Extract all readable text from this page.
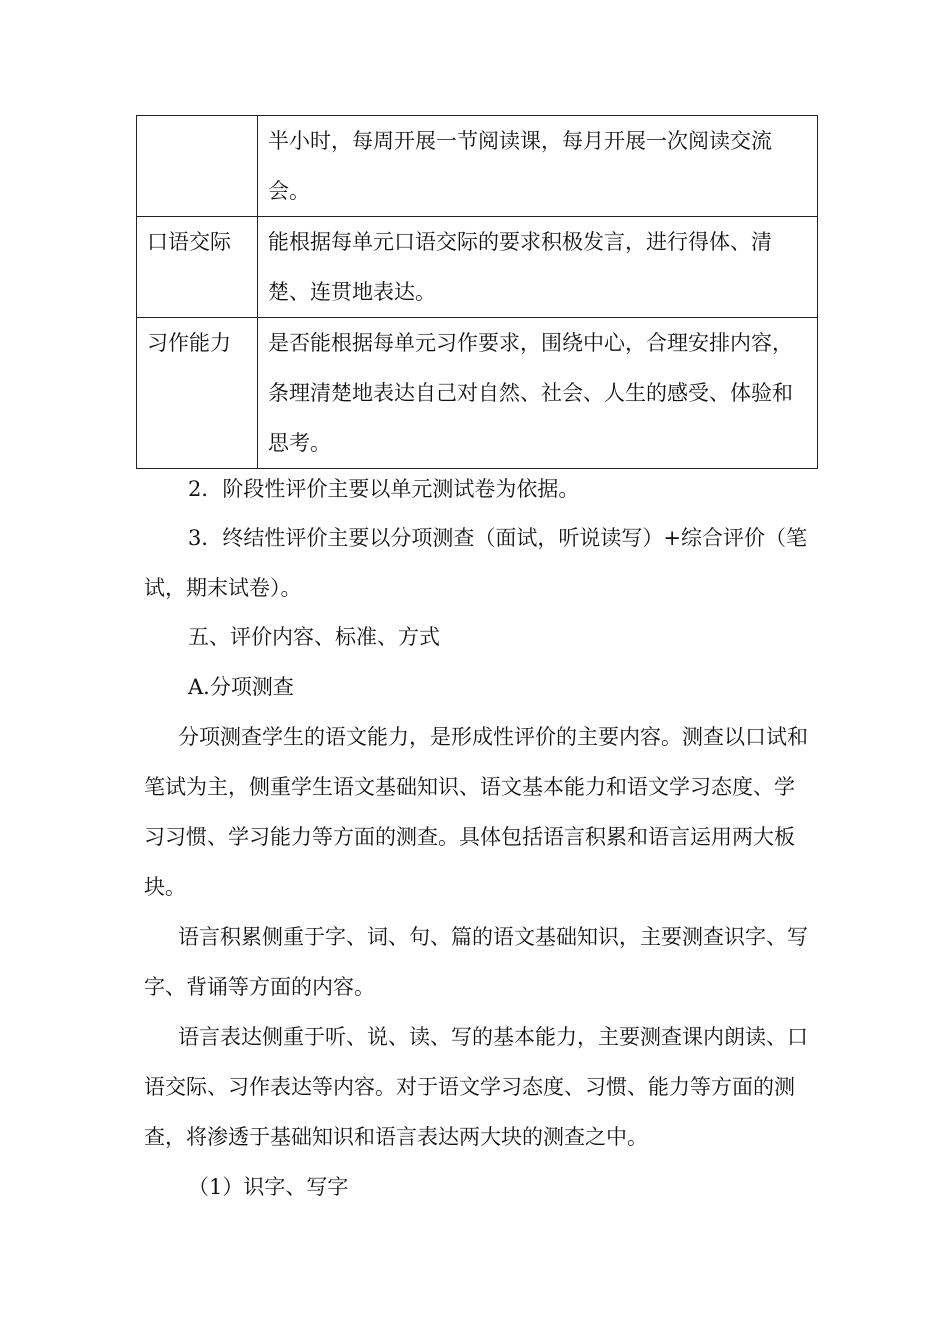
	半小时，每周开展一节阅读课，每月开展一次阅读交流会。

口语交际	能根据每单元口语交际的要求积极发言，进行得体、清楚、连贯地表达。

习作能力	是否能根据每单元习作要求，围绕中心，合理安排内容，条理清楚地表达自己对自然、社会、人生的感受、体验和思考。
2．阶段性评价主要以单元测试卷为依据。

3．终结性评价主要以分项测查（面试，听说读写）+综合评价（笔试，期末试卷）。

五、评价内容、标准、方式
A.分项测查

分项测查学生的语文能力，是形成性评价的主要内容。测查以口试和笔试为主，侧重学生语文基础知识、语文基本能力和语文学习态度、学习习惯、学习能力等方面的测查。具体包括语言积累和语言运用两大板块。

语言积累侧重于字、词、句、篇的语文基础知识，主要测查识字、写字、背诵等方面的内容。

语言表达侧重于听、说、读、写的基本能力，主要测查课内朗读、口语交际、习作表达等内容。对于语文学习态度、习惯、能力等方面的测查，将渗透于基础知识和语言表达两大块的测查之中。

（1）识字、写字
